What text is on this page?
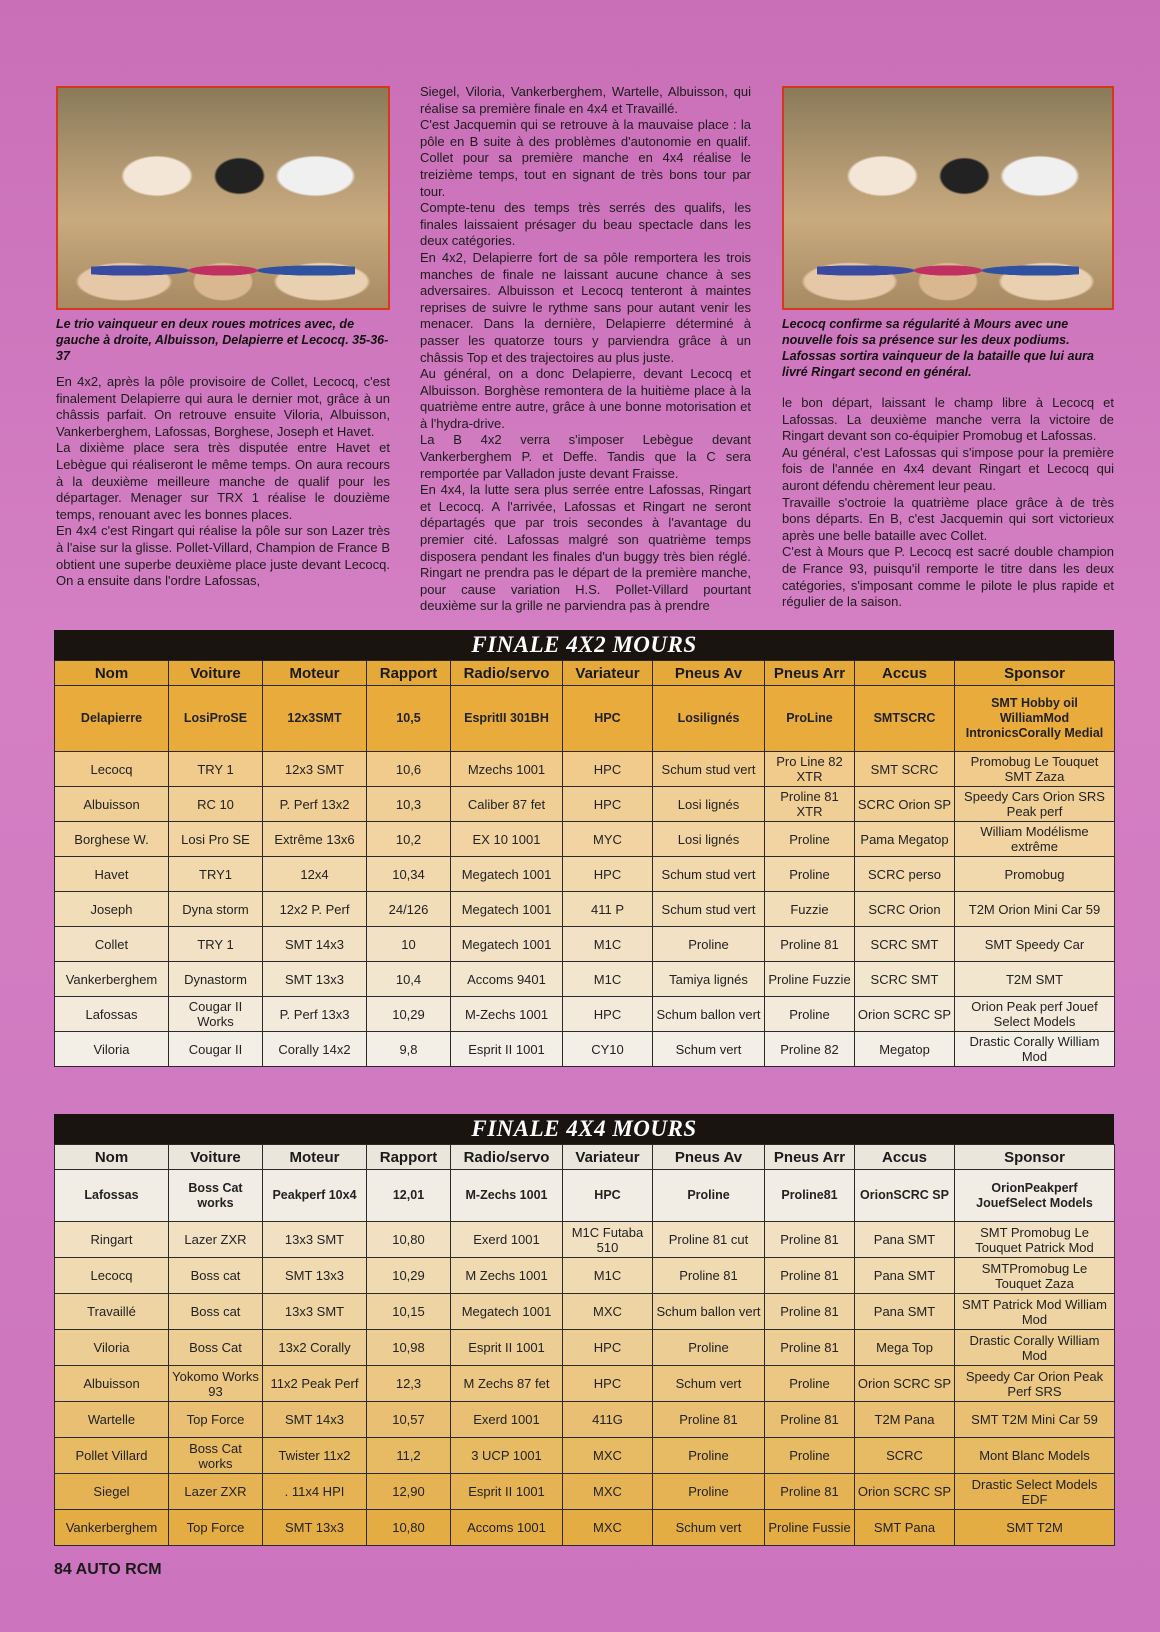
Le trio vainqueur en deux roues motrices avec, de gauche à droite, Albuisson, Delapierre et Lecocq. 35-36-37
Lecocq confirme sa régularité à Mours avec une nouvelle fois sa présence sur les deux podiums. Lafossas sortira vainqueur de la bataille que lui aura livré Ringart second en général.

En 4x2, après la pôle provisoire de Collet, Lecocq, c'est finalement Delapierre qui aura le dernier mot, grâce à un châssis parfait. On retrouve ensuite Viloria, Albuisson, Vankerberghem, Lafossas, Borghese, Joseph et Havet.

La dixième place sera très disputée entre Havet et Lebègue qui réaliseront le même temps. On aura recours à la deuxième meilleure manche de qualif pour les départager. Menager sur TRX 1 réalise le douzième temps, renouant avec les bonnes places.

En 4x4 c'est Ringart qui réalise la pôle sur son Lazer très à l'aise sur la glisse. Pollet-Villard, Champion de France B obtient une superbe deuxième place juste devant Lecocq. On a ensuite dans l'ordre Lafossas,

Siegel, Viloria, Vankerberghem, Wartelle, Albuisson, qui réalise sa première finale en 4x4 et Travaillé.

C'est Jacquemin qui se retrouve à la mauvaise place : la pôle en B suite à des problèmes d'autonomie en qualif. Collet pour sa première manche en 4x4 réalise le treizième temps, tout en signant de très bons tour par tour.

Compte-tenu des temps très serrés des qualifs, les finales laissaient présager du beau spectacle dans les deux catégories.

En 4x2, Delapierre fort de sa pôle remportera les trois manches de finale ne laissant aucune chance à ses adversaires. Albuisson et Lecocq tenteront à maintes reprises de suivre le rythme sans pour autant venir les menacer. Dans la dernière, Delapierre déterminé à passer les quatorze tours y parviendra grâce à un châssis Top et des trajectoires au plus juste.

Au général, on a donc Delapierre, devant Lecocq et Albuisson. Borghèse remontera de la huitième place à la quatrième entre autre, grâce à une bonne motorisation et à l'hydra-drive.

La B 4x2 verra s'imposer Lebègue devant Vankerberghem P. et Deffe. Tandis que la C sera remportée par Valladon juste devant Fraisse.

En 4x4, la lutte sera plus serrée entre Lafossas, Ringart et Lecocq. A l'arrivée, Lafossas et Ringart ne seront départagés que par trois secondes à l'avantage du premier cité. Lafossas malgré son quatrième temps disposera pendant les finales d'un buggy très bien réglé. Ringart ne prendra pas le départ de la première manche, pour cause variation H.S. Pollet-Villard pourtant deuxième sur la grille ne parviendra pas à prendre

le bon départ, laissant le champ libre à Lecocq et Lafossas. La deuxième manche verra la victoire de Ringart devant son co-équipier Promobug et Lafossas.

Au général, c'est Lafossas qui s'impose pour la première fois de l'année en 4x4 devant Ringart et Lecocq qui auront défendu chèrement leur peau.

Travaille s'octroie la quatrième place grâce à de très bons départs. En B, c'est Jacquemin qui sort victorieux après une belle bataille avec Collet.

C'est à Mours que P. Lecocq est sacré double champion de France 93, puisqu'il remporte le titre dans les deux catégories, s'imposant comme le pilote le plus rapide et régulier de la saison.

FINALE 4X2 MOURS
Nom	Voiture	Moteur	Rapport	Radio/servo	Variateur	Pneus Av	Pneus Arr	Accus	Sponsor
Delapierre	LosiProSE	12x3SMT	10,5	EspritII 301BH	HPC	Losilignés	ProLine	SMTSCRC	SMT Hobby oil WilliamMod IntronicsCorally Medial
Lecocq	TRY 1	12x3 SMT	10,6	Mzechs 1001	HPC	Schum stud vert	Pro Line 82 XTR	SMT SCRC	Promobug Le Touquet SMT Zaza
Albuisson	RC 10	P. Perf 13x2	10,3	Caliber 87 fet	HPC	Losi lignés	Proline 81 XTR	SCRC Orion SP	Speedy Cars Orion SRS Peak perf
Borghese W.	Losi Pro SE	Extrême 13x6	10,2	EX 10 1001	MYC	Losi lignés	Proline	Pama Megatop	William Modélisme extrême
Havet	TRY1	12x4	10,34	Megatech 1001	HPC	Schum stud vert	Proline	SCRC perso	Promobug
Joseph	Dyna storm	12x2 P. Perf	24/126	Megatech 1001	411 P	Schum stud vert	Fuzzie	SCRC Orion	T2M Orion Mini Car 59
Collet	TRY 1	SMT 14x3	10	Megatech 1001	M1C	Proline	Proline 81	SCRC SMT	SMT Speedy Car
Vankerberghem	Dynastorm	SMT 13x3	10,4	Accoms 9401	M1C	Tamiya lignés	Proline Fuzzie	SCRC SMT	T2M SMT
Lafossas	Cougar II Works	P. Perf 13x3	10,29	M-Zechs 1001	HPC	Schum ballon vert	Proline	Orion SCRC SP	Orion Peak perf Jouef Select Models
Viloria	Cougar II	Corally 14x2	9,8	Esprit II 1001	CY10	Schum vert	Proline 82	Megatop	Drastic Corally William Mod
FINALE 4X4 MOURS
Nom	Voiture	Moteur	Rapport	Radio/servo	Variateur	Pneus Av	Pneus Arr	Accus	Sponsor
Lafossas	Boss Cat works	Peakperf 10x4	12,01	M-Zechs 1001	HPC	Proline	Proline81	OrionSCRC SP	OrionPeakperf JouefSelect Models
Ringart	Lazer ZXR	13x3 SMT	10,80	Exerd 1001	M1C Futaba 510	Proline 81 cut	Proline 81	Pana SMT	SMT Promobug Le Touquet Patrick Mod
Lecocq	Boss cat	SMT 13x3	10,29	M Zechs 1001	M1C	Proline 81	Proline 81	Pana SMT	SMTPromobug Le Touquet Zaza
Travaillé	Boss cat	13x3 SMT	10,15	Megatech 1001	MXC	Schum ballon vert	Proline 81	Pana SMT	SMT Patrick Mod William Mod
Viloria	Boss Cat	13x2 Corally	10,98	Esprit II 1001	HPC	Proline	Proline 81	Mega Top	Drastic Corally William Mod
Albuisson	Yokomo Works 93	11x2 Peak Perf	12,3	M Zechs 87 fet	HPC	Schum vert	Proline	Orion SCRC SP	Speedy Car Orion Peak Perf SRS
Wartelle	Top Force	SMT 14x3	10,57	Exerd 1001	411G	Proline 81	Proline 81	T2M Pana	SMT T2M Mini Car 59
Pollet Villard	Boss Cat works	Twister 11x2	11,2	3 UCP 1001	MXC	Proline	Proline	SCRC	Mont Blanc Models
Siegel	Lazer ZXR	. 11x4 HPI	12,90	Esprit II 1001	MXC	Proline	Proline 81	Orion SCRC SP	Drastic Select Models EDF
Vankerberghem	Top Force	SMT 13x3	10,80	Accoms 1001	MXC	Schum vert	Proline Fussie	SMT Pana	SMT T2M
84 AUTO RCM
